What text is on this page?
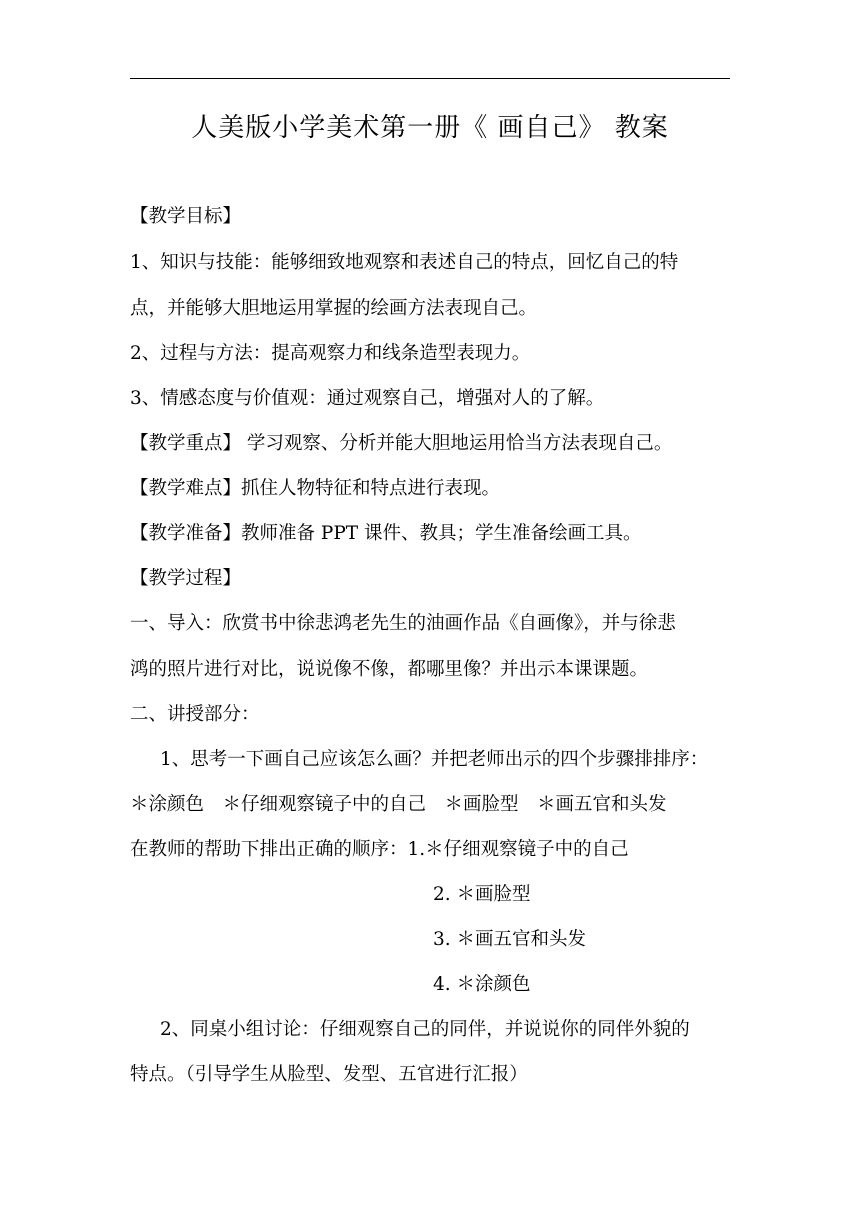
人美版小学美术第一册《 画自己》 教案
【教学目标】
1、知识与技能：能够细致地观察和表述自己的特点，回忆自己的特
点，并能够大胆地运用掌握的绘画方法表现自己。
2、过程与方法：提高观察力和线条造型表现力。
3、情感态度与价值观：通过观察自己，增强对人的了解。
【教学重点】 学习观察、分析并能大胆地运用恰当方法表现自己。
【教学难点】抓住人物特征和特点进行表现。
【教学准备】教师准备 PPT 课件、教具；学生准备绘画工具。
【教学过程】
一、导入：欣赏书中徐悲鸿老先生的油画作品《自画像》，并与徐悲
鸿的照片进行对比，说说像不像，都哪里像？并出示本课课题。
二、讲授部分：
1、思考一下画自己应该怎么画？并把老师出示的四个步骤排排序：
＊涂颜色　＊仔细观察镜子中的自己　＊画脸型　＊画五官和头发
在教师的帮助下排出正确的顺序：1.＊仔细观察镜子中的自己
2. ＊画脸型
3. ＊画五官和头发
4. ＊涂颜色
2、同桌小组讨论：仔细观察自己的同伴，并说说你的同伴外貌的
特点。（引导学生从脸型、发型、五官进行汇报）
